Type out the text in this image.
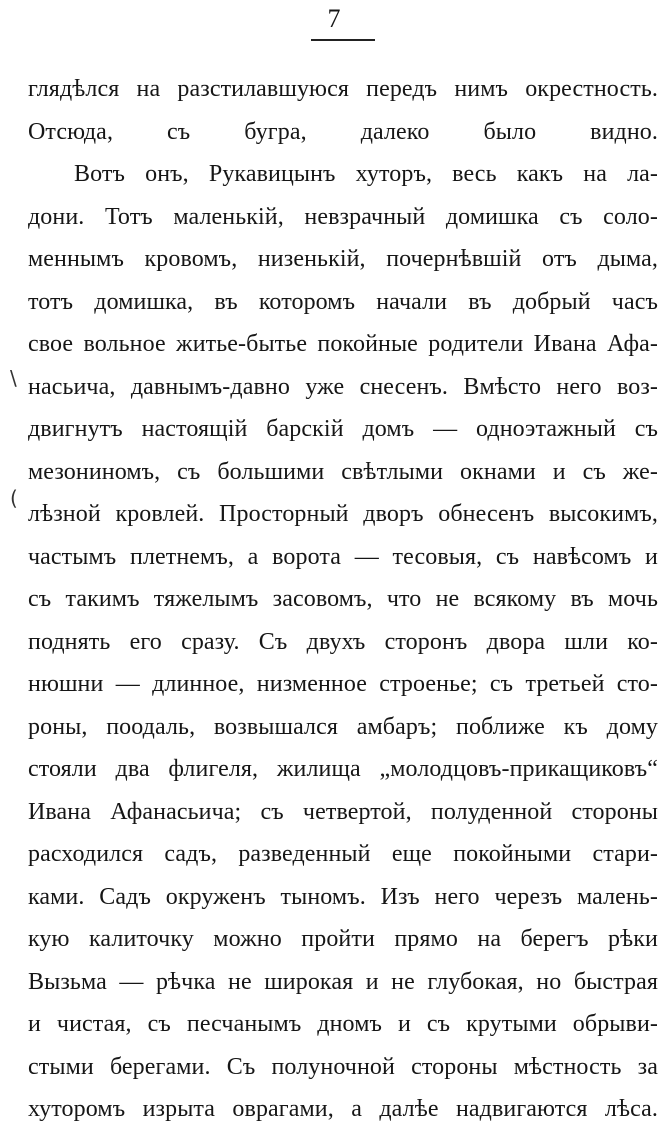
7
\
(
глядѣлся на разстилавшуюся передъ нимъ окрестность.
Отсюда, съ бугра, далеко было видно.
Вотъ онъ, Рукавицынъ хуторъ, весь какъ на ла-
дони. Тотъ маленькій, невзрачный домишка съ соло-
меннымъ кровомъ, низенькій, почернѣвшій отъ дыма,
тотъ домишка, въ которомъ начали въ добрый часъ
свое вольное житье-бытье покойные родители Ивана Афа-
насьича, давнымъ-давно уже снесенъ. Вмѣсто него воз-
двигнутъ настоящій барскій домъ — одноэтажный съ
мезониномъ, съ большими свѣтлыми окнами и съ же-
лѣзной кровлей. Просторный дворъ обнесенъ высокимъ,
частымъ плетнемъ, а ворота — тесовыя, съ навѣсомъ и
съ такимъ тяжелымъ засовомъ, что не всякому въ мочь
поднять его сразу. Съ двухъ сторонъ двора шли ко-
нюшни — длинное, низменное строенье; съ третьей сто-
роны, поодаль, возвышался амбаръ; поближе къ дому
стояли два флигеля, жилища „молодцовъ-прикащиковъ“
Ивана Афанасьича; съ четвертой, полуденной стороны
расходился садъ, разведенный еще покойными стари-
ками. Садъ окруженъ тыномъ. Изъ него черезъ малень-
кую калиточку можно пройти прямо на берегъ рѣки
Вызьма — рѣчка не широкая и не глубокая, но быстрая
и чистая, съ песчанымъ дномъ и съ крутыми обрыви-
стыми берегами. Съ полуночной стороны мѣстность за
хуторомъ изрыта оврагами, а далѣе надвигаются лѣса.
